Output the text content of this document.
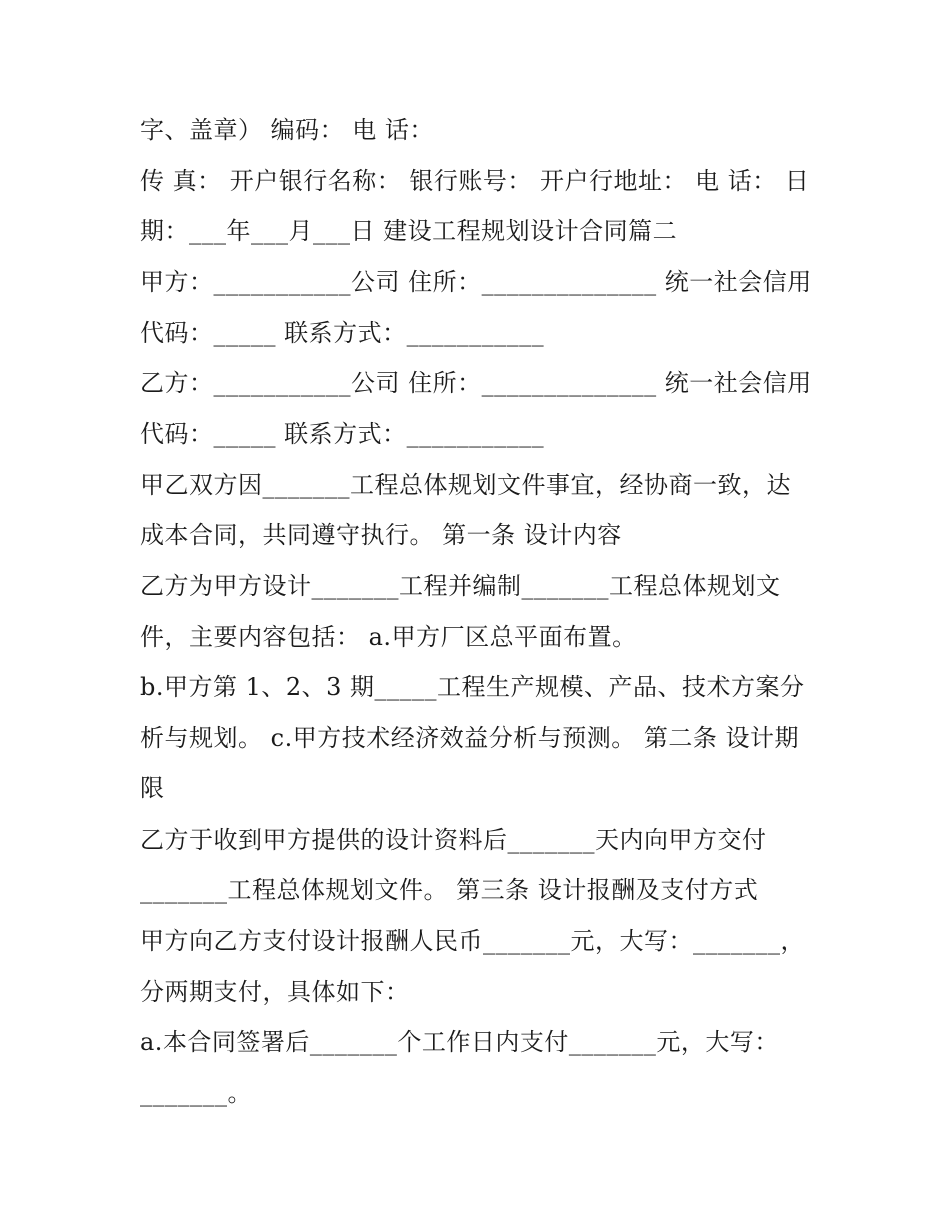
字、盖章） 编码： 电 话：
传 真： 开户银行名称： 银行账号： 开户行地址： 电 话： 日
期：___年___月___日 建设工程规划设计合同篇二
甲方：___________公司 住所：______________ 统一社会信用
代码：_____ 联系方式：___________
乙方：___________公司 住所：______________ 统一社会信用
代码：_____ 联系方式：___________
甲乙双方因_______工程总体规划文件事宜，经协商一致，达
成本合同，共同遵守执行。 第一条 设计内容
乙方为甲方设计_______工程并编制_______工程总体规划文
件，主要内容包括： a.甲方厂区总平面布置。
b.甲方第 1、2、3 期_____工程生产规模、产品、技术方案分
析与规划。 c.甲方技术经济效益分析与预测。 第二条 设计期
限
乙方于收到甲方提供的设计资料后_______天内向甲方交付
_______工程总体规划文件。 第三条 设计报酬及支付方式
甲方向乙方支付设计报酬人民币_______元，大写：_______，
分两期支付，具体如下：
a.本合同签署后_______个工作日内支付_______元，大写：
_______。
